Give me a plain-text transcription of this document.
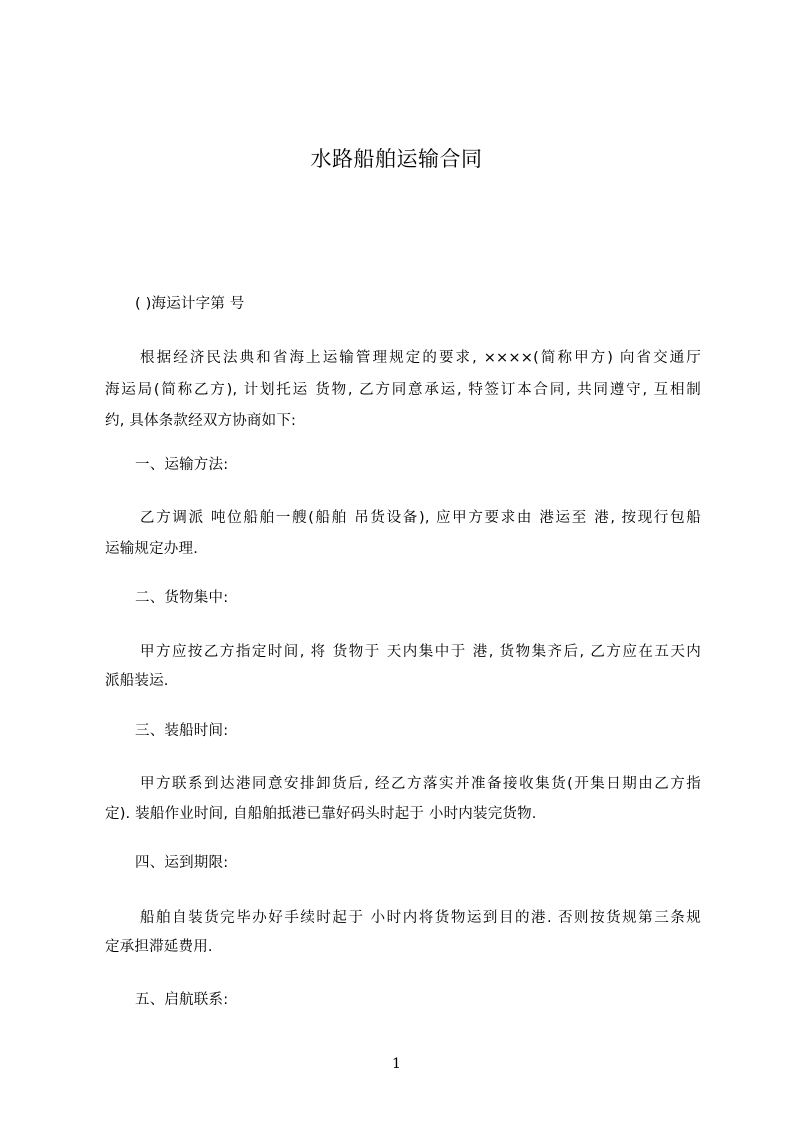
水路船舶运输合同
( )海运计字第 号
根据经济民法典和省海上运输管理规定的要求, ××××(简称甲方) 向省交通厅
海运局(简称乙方), 计划托运 货物, 乙方同意承运, 特签订本合同, 共同遵守, 互相制
约, 具体条款经双方协商如下:
一、运输方法:
乙方调派 吨位船舶一艘(船舶 吊货设备), 应甲方要求由 港运至 港, 按现行包船
运输规定办理.
二、货物集中:
甲方应按乙方指定时间, 将 货物于 天内集中于 港, 货物集齐后, 乙方应在五天内
派船装运.
三、装船时间:
甲方联系到达港同意安排卸货后, 经乙方落实并准备接收集货(开集日期由乙方指
定). 装船作业时间, 自船舶抵港已靠好码头时起于 小时内装完货物.
四、运到期限:
船舶自装货完毕办好手续时起于 小时内将货物运到目的港. 否则按货规第三条规
定承担滞延费用.
五、启航联系:
1
